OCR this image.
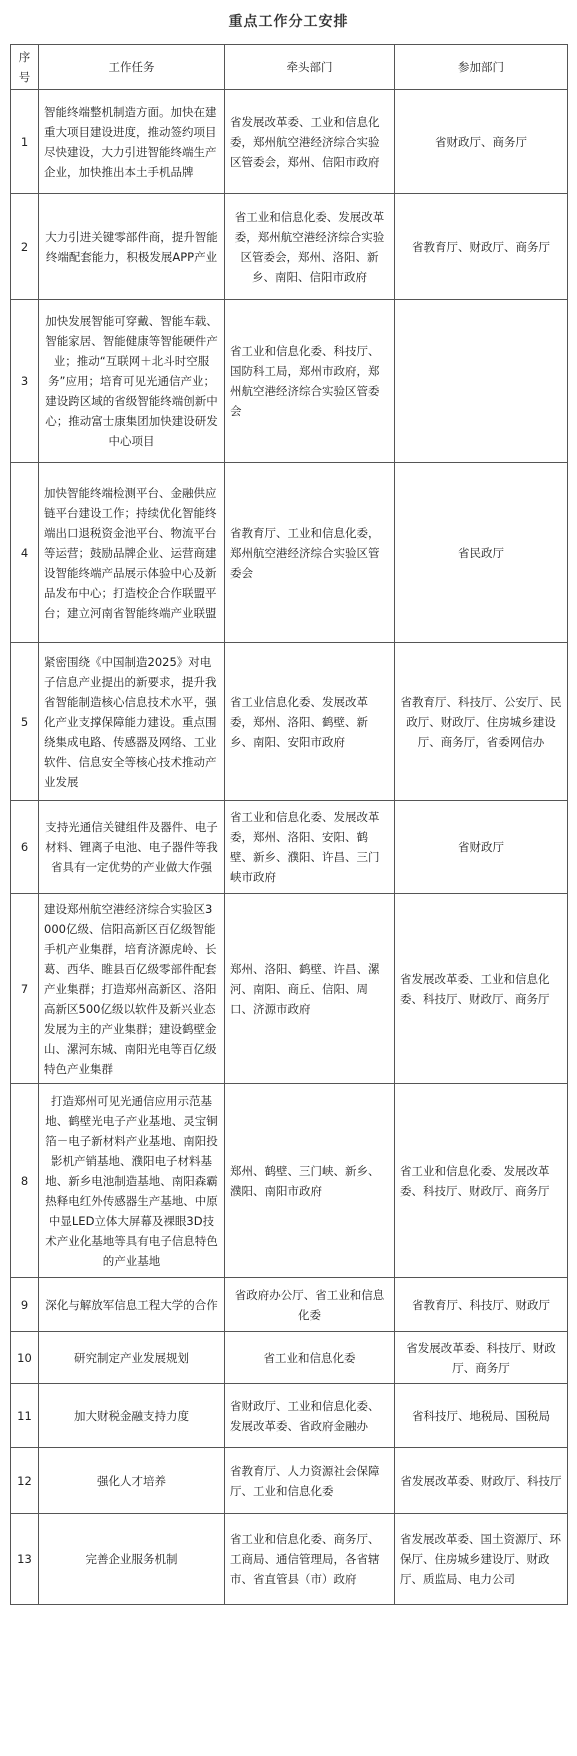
重点工作分工安排
序号	工作任务	牵头部门	参加部门
1	智能终端整机制造方面。加快在建重大项目建设进度，推动签约项目尽快建设，大力引进智能终端生产企业，加快推出本土手机品牌	省发展改革委、工业和信息化委，郑州航空港经济综合实验区管委会，郑州、信阳市政府	省财政厅、商务厅
2	大力引进关键零部件商，提升智能终端配套能力，积极发展APP产业	省工业和信息化委、发展改革委，郑州航空港经济综合实验区管委会，郑州、洛阳、新乡、南阳、信阳市政府	省教育厅、财政厅、商务厅
3	加快发展智能可穿戴、智能车载、智能家居、智能健康等智能硬件产业；推动“互联网＋北斗时空服务”应用；培育可见光通信产业；建设跨区域的省级智能终端创新中心；推动富士康集团加快建设研发中心项目	省工业和信息化委、科技厅、国防科工局，郑州市政府，郑州航空港经济综合实验区管委会	
4	加快智能终端检测平台、金融供应链平台建设工作；持续优化智能终端出口退税资金池平台、物流平台等运营；鼓励品牌企业、运营商建设智能终端产品展示体验中心及新品发布中心；打造校企合作联盟平台；建立河南省智能终端产业联盟	省教育厅、工业和信息化委，郑州航空港经济综合实验区管委会	省民政厅
5	紧密围绕《中国制造2025》对电子信息产业提出的新要求，提升我省智能制造核心信息技术水平，强化产业支撑保障能力建设。重点围绕集成电路、传感器及网络、工业软件、信息安全等核心技术推动产业发展	省工业信息化委、发展改革委，郑州、洛阳、鹤壁、新乡、南阳、安阳市政府	省教育厅、科技厅、公安厅、民政厅、财政厅、住房城乡建设厅、商务厅，省委网信办
6	支持光通信关键组件及器件、电子材料、锂离子电池、电子器件等我省具有一定优势的产业做大作强	省工业和信息化委、发展改革委，郑州、洛阳、安阳、鹤壁、新乡、濮阳、许昌、三门峡市政府	省财政厅
7	建设郑州航空港经济综合实验区3000亿级、信阳高新区百亿级智能手机产业集群，培育济源虎岭、长葛、西华、睢县百亿级零部件配套产业集群；打造郑州高新区、洛阳高新区500亿级以软件及新兴业态发展为主的产业集群；建设鹤壁金山、漯河东城、南阳光电等百亿级特色产业集群	郑州、洛阳、鹤壁、许昌、漯河、南阳、商丘、信阳、周口、济源市政府	省发展改革委、工业和信息化委、科技厅、财政厅、商务厅
8	打造郑州可见光通信应用示范基地、鹤壁光电子产业基地、灵宝铜箔－电子新材料产业基地、南阳投影机产销基地、濮阳电子材料基地、新乡电池制造基地、南阳森霸热释电红外传感器生产基地、中原中显LED立体大屏幕及裸眼3D技术产业化基地等具有电子信息特色的产业基地	郑州、鹤壁、三门峡、新乡、濮阳、南阳市政府	省工业和信息化委、发展改革委、科技厅、财政厅、商务厅
9	深化与解放军信息工程大学的合作	省政府办公厅、省工业和信息化委	省教育厅、科技厅、财政厅
10	研究制定产业发展规划	省工业和信息化委	省发展改革委、科技厅、财政厅、商务厅
11	加大财税金融支持力度	省财政厅、工业和信息化委、发展改革委、省政府金融办	省科技厅、地税局、国税局
12	强化人才培养	省教育厅、人力资源社会保障厅、工业和信息化委	省发展改革委、财政厅、科技厅
13	完善企业服务机制	省工业和信息化委、商务厅、工商局、通信管理局，各省辖市、省直管县（市）政府	省发展改革委、国土资源厅、环保厅、住房城乡建设厅、财政厅、质监局、电力公司
